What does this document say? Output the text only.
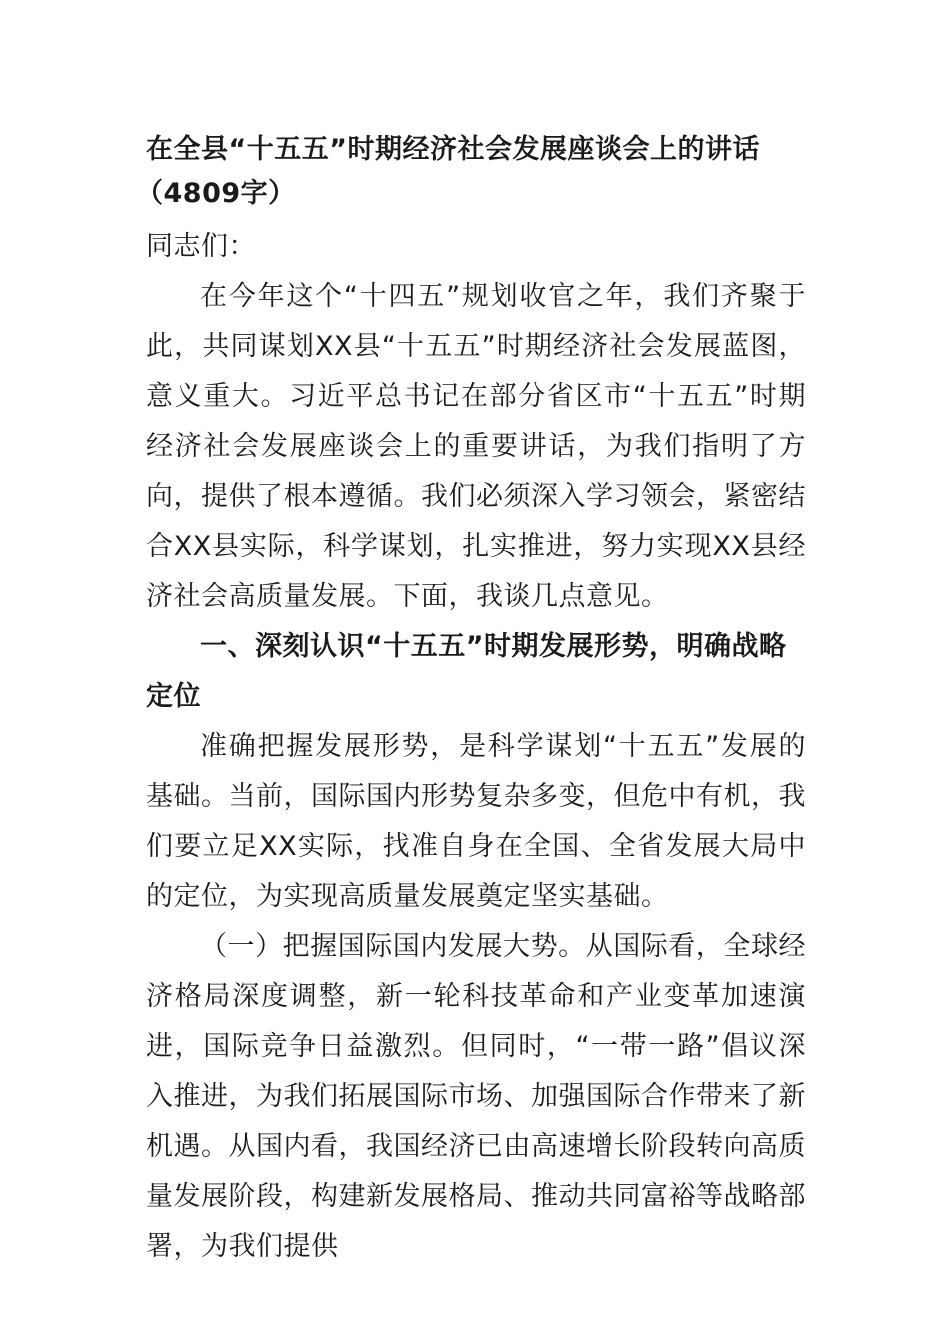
在全县“十五五”时期经济社会发展座谈会上的讲话

（4809字）

同志们：

在今年这个“十四五”规划收官之年，我们齐聚于此，共同谋划XX县“十五五”时期经济社会发展蓝图，意义重大。习近平总书记在部分省区市“十五五”时期经济社会发展座谈会上的重要讲话，为我们指明了方向，提供了根本遵循。我们必须深入学习领会，紧密结合XX县实际，科学谋划，扎实推进，努力实现XX县经济社会高质量发展。下面，我谈几点意见。

一、深刻认识“十五五”时期发展形势，明确战略定位

准确把握发展形势，是科学谋划“十五五”发展的基础。当前，国际国内形势复杂多变，但危中有机，我们要立足XX实际，找准自身在全国、全省发展大局中的定位，为实现高质量发展奠定坚实基础。

（一）把握国际国内发展大势。从国际看，全球经济格局深度调整，新一轮科技革命和产业变革加速演进，国际竞争日益激烈。但同时，“一带一路”倡议深入推进，为我们拓展国际市场、加强国际合作带来了新机遇。从国内看，我国经济已由高速增长阶段转向高质量发展阶段，构建新发展格局、推动共同富裕等战略部署，为我们提供
